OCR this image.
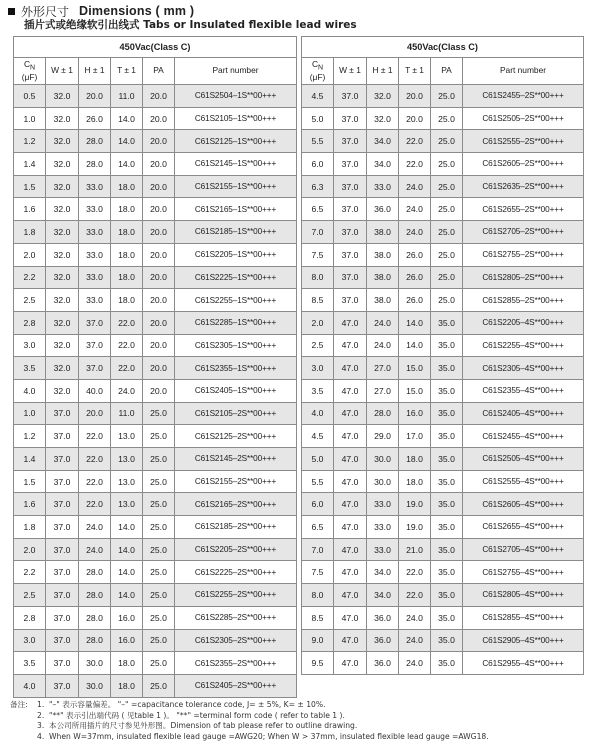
外形尺寸 Dimensions ( mm )
插片式或绝缘软引出线式 Tabs or Insulated flexible lead wires
450Vac(Class C)					
$C_N$
(μF)	W ± 1	H ± 1	T ± 1	PA	Part number
0.5	32.0	20.0	11.0	20.0	C61S2504–1S**00+++
1.0	32.0	26.0	14.0	20.0	C61S2105–1S**00+++
1.2	32.0	28.0	14.0	20.0	C61S2125–1S**00+++
1.4	32.0	28.0	14.0	20.0	C61S2145–1S**00+++
1.5	32.0	33.0	18.0	20.0	C61S2155–1S**00+++
1.6	32.0	33.0	18.0	20.0	C61S2165–1S**00+++
1.8	32.0	33.0	18.0	20.0	C61S2185–1S**00+++
2.0	32.0	33.0	18.0	20.0	C61S2205–1S**00+++
2.2	32.0	33.0	18.0	20.0	C61S2225–1S**00+++
2.5	32.0	33.0	18.0	20.0	C61S2255–1S**00+++
2.8	32.0	37.0	22.0	20.0	C61S2285–1S**00+++
3.0	32.0	37.0	22.0	20.0	C61S2305–1S**00+++
3.5	32.0	37.0	22.0	20.0	C61S2355–1S**00+++
4.0	32.0	40.0	24.0	20.0	C61S2405–1S**00+++
1.0	37.0	20.0	11.0	25.0	C61S2105–2S**00+++
1.2	37.0	22.0	13.0	25.0	C61S2125–2S**00+++
1.4	37.0	22.0	13.0	25.0	C61S2145–2S**00+++
1.5	37.0	22.0	13.0	25.0	C61S2155–2S**00+++
1.6	37.0	22.0	13.0	25.0	C61S2165–2S**00+++
1.8	37.0	24.0	14.0	25.0	C61S2185–2S**00+++
2.0	37.0	24.0	14.0	25.0	C61S2205–2S**00+++
2.2	37.0	28.0	14.0	25.0	C61S2225–2S**00+++
2.5	37.0	28.0	14.0	25.0	C61S2255–2S**00+++
2.8	37.0	28.0	16.0	25.0	C61S2285–2S**00+++
3.0	37.0	28.0	16.0	25.0	C61S2305–2S**00+++
3.5	37.0	30.0	18.0	25.0	C61S2355–2S**00+++
4.0	37.0	30.0	18.0	25.0	C61S2405–2S**00+++
450Vac(Class C)					
$C_N$
(μF)	W ± 1	H ± 1	T ± 1	PA	Part number
4.5	37.0	32.0	20.0	25.0	C61S2455–2S**00+++
5.0	37.0	32.0	20.0	25.0	C61S2505–2S**00+++
5.5	37.0	34.0	22.0	25.0	C61S2555–2S**00+++
6.0	37.0	34.0	22.0	25.0	C61S2605–2S**00+++
6.3	37.0	33.0	24.0	25.0	C61S2635–2S**00+++
6.5	37.0	36.0	24.0	25.0	C61S2655–2S**00+++
7.0	37.0	38.0	24.0	25.0	C61S2705–2S**00+++
7.5	37.0	38.0	26.0	25.0	C61S2755–2S**00+++
8.0	37.0	38.0	26.0	25.0	C61S2805–2S**00+++
8.5	37.0	38.0	26.0	25.0	C61S2855–2S**00+++
2.0	47.0	24.0	14.0	35.0	C61S2205–4S**00+++
2.5	47.0	24.0	14.0	35.0	C61S2255–4S**00+++
3.0	47.0	27.0	15.0	35.0	C61S2305–4S**00+++
3.5	47.0	27.0	15.0	35.0	C61S2355–4S**00+++
4.0	47.0	28.0	16.0	35.0	C61S2405–4S**00+++
4.5	47.0	29.0	17.0	35.0	C61S2455–4S**00+++
5.0	47.0	30.0	18.0	35.0	C61S2505–4S**00+++
5.5	47.0	30.0	18.0	35.0	C61S2555–4S**00+++
6.0	47.0	33.0	19.0	35.0	C61S2605–4S**00+++
6.5	47.0	33.0	19.0	35.0	C61S2655–4S**00+++
7.0	47.0	33.0	21.0	35.0	C61S2705–4S**00+++
7.5	47.0	34.0	22.0	35.0	C61S2755–4S**00+++
8.0	47.0	34.0	22.0	35.0	C61S2805–4S**00+++
8.5	47.0	36.0	24.0	35.0	C61S2855–4S**00+++
9.0	47.0	36.0	24.0	35.0	C61S2905–4S**00+++
9.5	47.0	36.0	24.0	35.0	C61S2955–4S**00+++
备注:	1. "–" 表示容量偏差。 "–" =capacitance tolerance code, J= ± 5%, K= ± 10%.
2. "**" 表示引出端代码 ( 见table 1 )。 "**" =terminal form code ( refer to table 1 ).
3. 本公司所用插片的尺寸参见外形图。Dimension of tab please refer to outline drawing.
4. When W=37mm, insulated flexible lead gauge =AWG20; When W > 37mm, insulated flexible lead gauge =AWG18.
